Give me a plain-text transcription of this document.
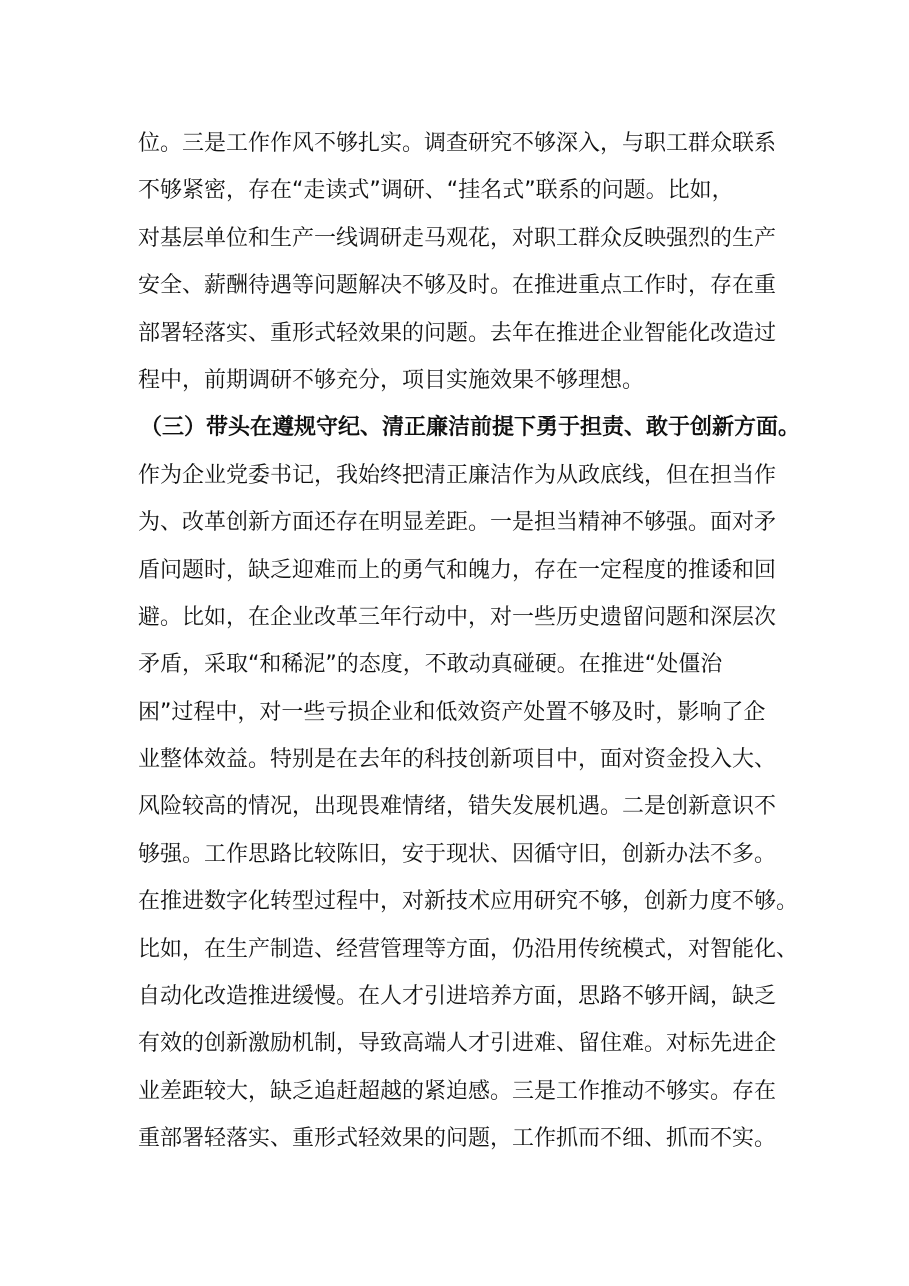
位。三是工作作风不够扎实。调查研究不够深入，与职工群众联系
不够紧密，存在“走读式”调研、“挂名式”联系的问题。比如，
对基层单位和生产一线调研走马观花，对职工群众反映强烈的生产
安全、薪酬待遇等问题解决不够及时。在推进重点工作时，存在重
部署轻落实、重形式轻效果的问题。去年在推进企业智能化改造过
程中，前期调研不够充分，项目实施效果不够理想。
（三）带头在遵规守纪、清正廉洁前提下勇于担责、敢于创新方面。
作为企业党委书记，我始终把清正廉洁作为从政底线，但在担当作
为、改革创新方面还存在明显差距。一是担当精神不够强。面对矛
盾问题时，缺乏迎难而上的勇气和魄力，存在一定程度的推诿和回
避。比如，在企业改革三年行动中，对一些历史遗留问题和深层次
矛盾，采取“和稀泥”的态度，不敢动真碰硬。在推进“处僵治
困”过程中，对一些亏损企业和低效资产处置不够及时，影响了企
业整体效益。特别是在去年的科技创新项目中，面对资金投入大、
风险较高的情况，出现畏难情绪，错失发展机遇。二是创新意识不
够强。工作思路比较陈旧，安于现状、因循守旧，创新办法不多。
在推进数字化转型过程中，对新技术应用研究不够，创新力度不够。
比如，在生产制造、经营管理等方面，仍沿用传统模式，对智能化、
自动化改造推进缓慢。在人才引进培养方面，思路不够开阔，缺乏
有效的创新激励机制，导致高端人才引进难、留住难。对标先进企
业差距较大，缺乏追赶超越的紧迫感。三是工作推动不够实。存在
重部署轻落实、重形式轻效果的问题，工作抓而不细、抓而不实。
